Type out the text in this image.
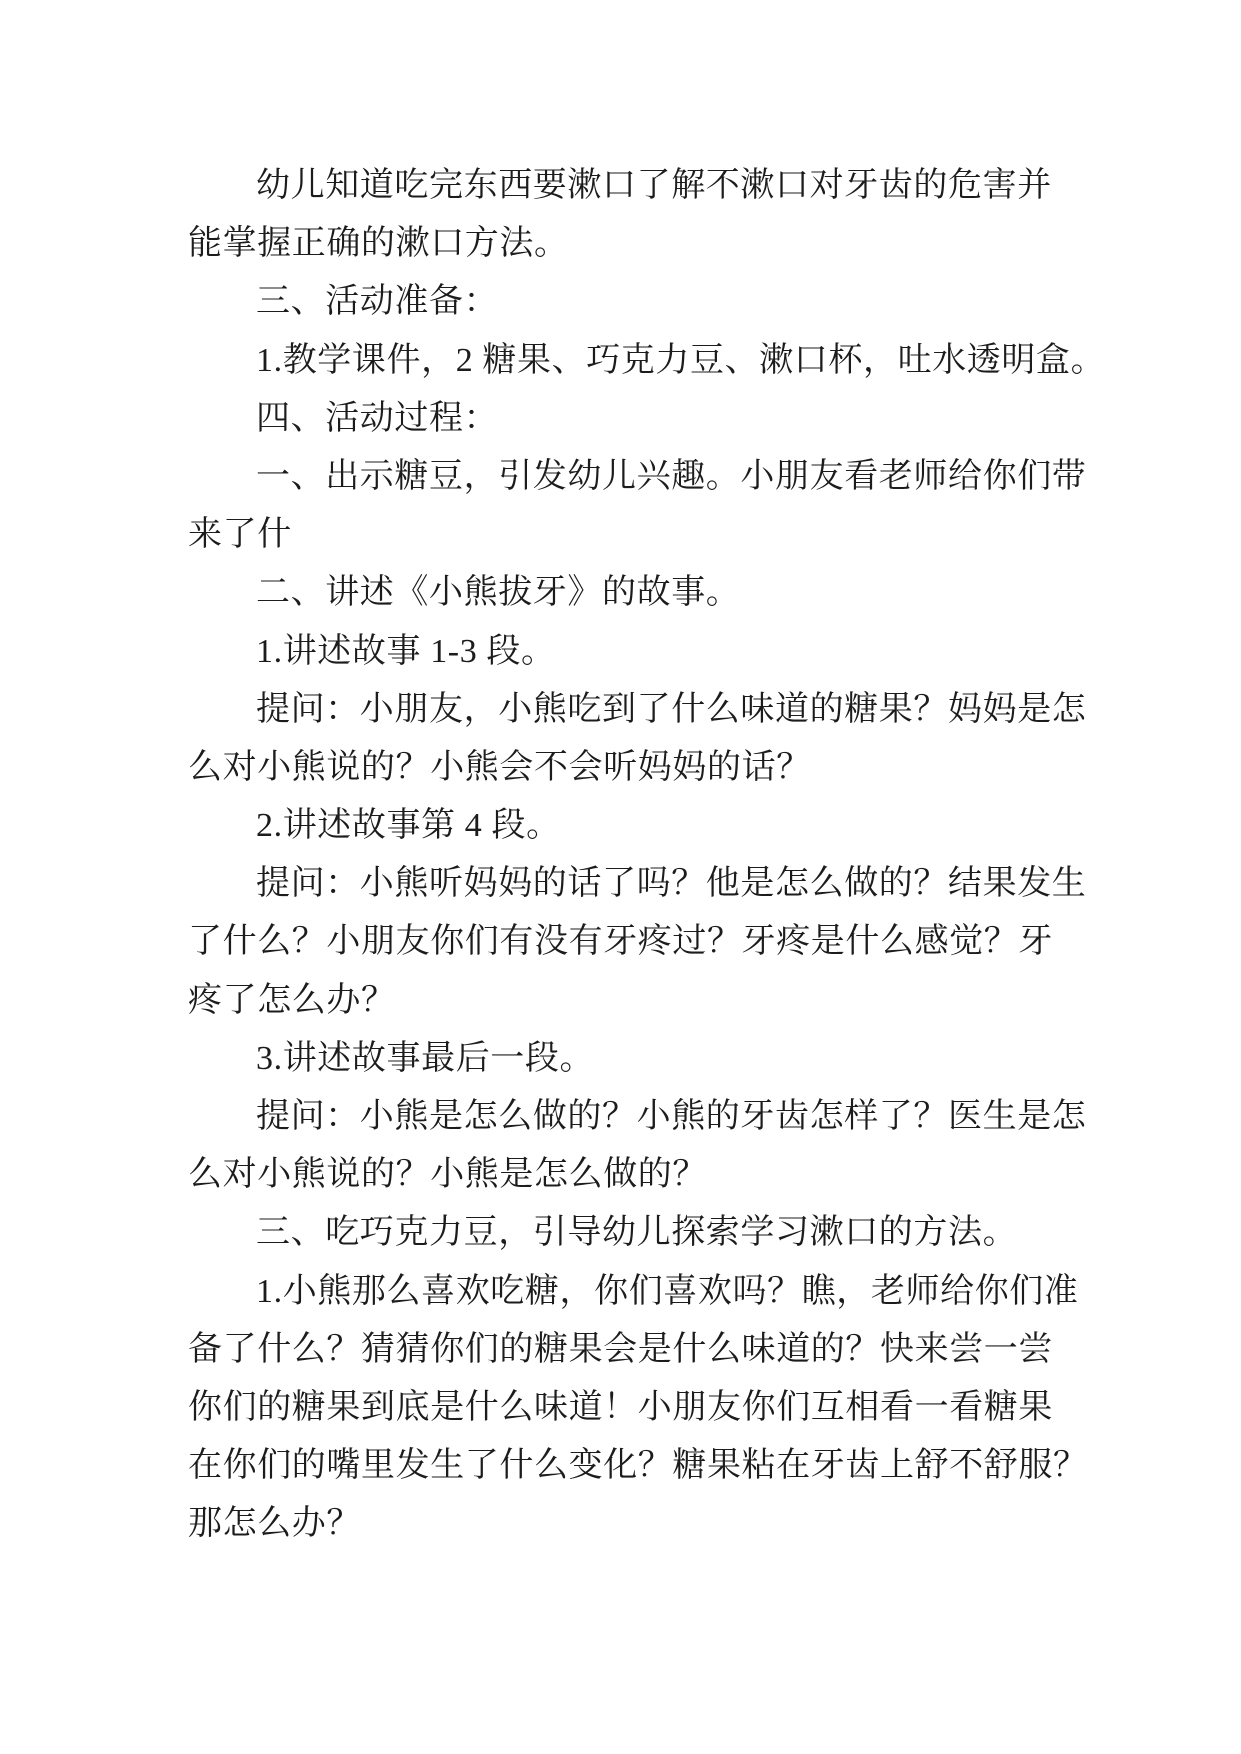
幼儿知道吃完东西要漱口了解不漱口对牙齿的危害并
能掌握正确的漱口方法。
三、活动准备：
1.教学课件，2 糖果、巧克力豆、漱口杯，吐水透明盒。
四、活动过程：
一、出示糖豆，引发幼儿兴趣。小朋友看老师给你们带
来了什
二、讲述《小熊拔牙》的故事。
1.讲述故事 1-3 段。
提问：小朋友，小熊吃到了什么味道的糖果？妈妈是怎
么对小熊说的？小熊会不会听妈妈的话？
2.讲述故事第 4 段。
提问：小熊听妈妈的话了吗？他是怎么做的？结果发生
了什么？小朋友你们有没有牙疼过？牙疼是什么感觉？牙
疼了怎么办？
3.讲述故事最后一段。
提问：小熊是怎么做的？小熊的牙齿怎样了？医生是怎
么对小熊说的？小熊是怎么做的？
三、吃巧克力豆，引导幼儿探索学习漱口的方法。
1.小熊那么喜欢吃糖，你们喜欢吗？瞧，老师给你们准
备了什么？猜猜你们的糖果会是什么味道的？快来尝一尝
你们的糖果到底是什么味道！小朋友你们互相看一看糖果
在你们的嘴里发生了什么变化？糖果粘在牙齿上舒不舒服？
那怎么办？
